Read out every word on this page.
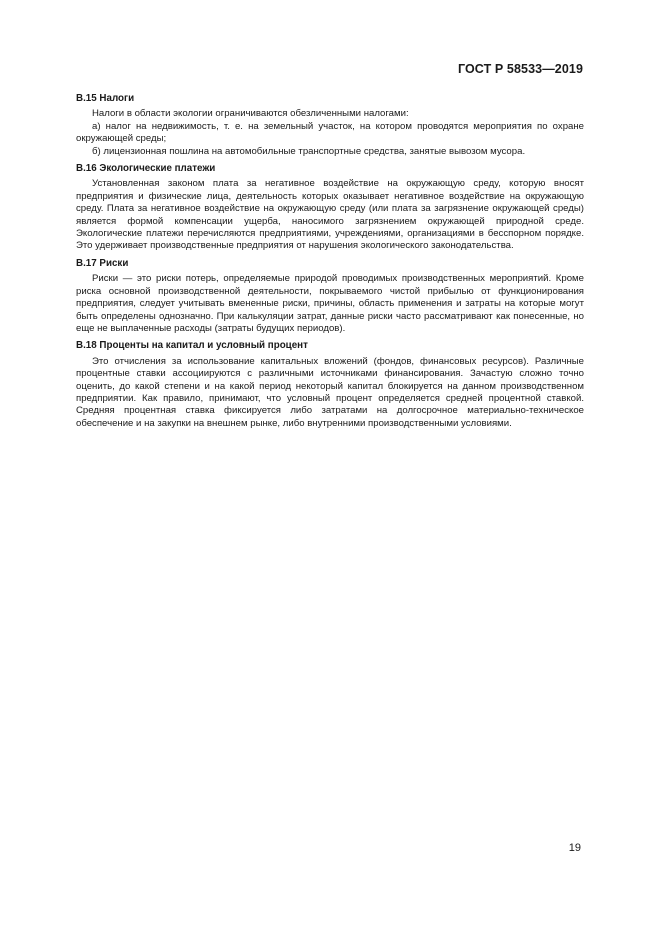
ГОСТ Р 58533—2019

В.15 Налоги

Налоги в области экологии ограничиваются обезличенными налогами:

а) налог на недвижимость, т. е. на земельный участок, на котором проводятся мероприятия по охране окружающей среды;

б) лицензионная пошлина на автомобильные транспортные средства, занятые вывозом мусора.

В.16 Экологические платежи

Установленная законом плата за негативное воздействие на окружающую среду, которую вносят предприятия и физические лица, деятельность которых оказывает негативное воздействие на окружающую среду. Плата за негативное воздействие на окружающую среду (или плата за загрязнение окружающей среды) является формой компенсации ущерба, наносимого загрязнением окружающей природной среде. Экологические платежи перечисляются предприятиями, учреждениями, организациями в бесспорном порядке. Это удерживает производственные предприятия от нарушения экологического законодательства.

В.17 Риски

Риски — это риски потерь, определяемые природой проводимых производственных мероприятий. Кроме риска основной производственной деятельности, покрываемого чистой прибылью от функционирования предприятия, следует учитывать вмененные риски, причины, область применения и затраты на которые могут быть определены однозначно. При калькуляции затрат, данные риски часто рассматривают как понесенные, но еще не выплаченные расходы (затраты будущих периодов).

В.18 Проценты на капитал и условный процент

Это отчисления за использование капитальных вложений (фондов, финансовых ресурсов). Различные процентные ставки ассоциируются с различными источниками финансирования. Зачастую сложно точно оценить, до какой степени и на какой период некоторый капитал блокируется на данном производственном предприятии. Как правило, принимают, что условный процент определяется средней процентной ставкой. Средняя процентная ставка фиксируется либо затратами на долгосрочное материально-техническое обеспечение и на закупки на внешнем рынке, либо внутренними производственными условиями.

19
